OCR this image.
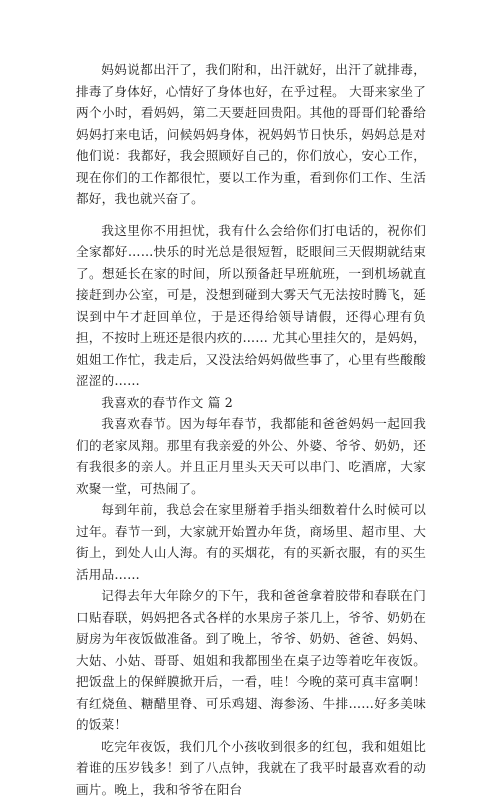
妈妈说都出汗了，我们附和，出汗就好，出汗了就排毒，排毒了身体好，心情好了身体也好，在乎过程。 大哥来家坐了两个小时，看妈妈，第二天要赶回贵阳。其他的哥哥们轮番给妈妈打来电话，问候妈妈身体，祝妈妈节日快乐，妈妈总是对他们说：我都好，我会照顾好自己的，你们放心，安心工作，现在你们的工作都很忙，要以工作为重，看到你们工作、生活都好，我也就兴奋了。

我这里你不用担忧，我有什么会给你们打电话的，祝你们全家都好……快乐的时光总是很短暂，眨眼间三天假期就结束了。想延长在家的时间，所以预备赶早班航班，一到机场就直接赶到办公室，可是，没想到碰到大雾天气无法按时腾飞，延误到中午才赶回单位，于是还得给领导请假，还得心理有负担，不按时上班还是很内疚的…… 尤其心里挂欠的，是妈妈，姐姐工作忙，我走后，又没法给妈妈做些事了，心里有些酸酸涩涩的……

我喜欢的春节作文 篇 2

我喜欢春节。因为每年春节，我都能和爸爸妈妈一起回我们的老家凤翔。那里有我亲爱的外公、外婆、爷爷、奶奶，还有我很多的亲人。并且正月里头天天可以串门、吃酒席，大家欢聚一堂，可热闹了。

每到年前，我总会在家里掰着手指头细数着什么时候可以过年。春节一到，大家就开始置办年货，商场里、超市里、大街上，到处人山人海。有的买烟花，有的买新衣服，有的买生活用品……

记得去年大年除夕的下午，我和爸爸拿着胶带和春联在门口贴春联，妈妈把各式各样的水果房子茶几上，爷爷、奶奶在厨房为年夜饭做准备。到了晚上，爷爷、奶奶、爸爸、妈妈、大姑、小姑、哥哥、姐姐和我都围坐在桌子边等着吃年夜饭。把饭盘上的保鲜膜掀开后，一看，哇！今晚的菜可真丰富啊！有红烧鱼、糖醋里脊、可乐鸡翅、海参汤、牛排……好多美味的饭菜！

吃完年夜饭，我们几个小孩收到很多的红包，我和姐姐比着谁的压岁钱多！到了八点钟，我就在了我平时最喜欢看的动画片。晚上，我和爷爷在阳台
